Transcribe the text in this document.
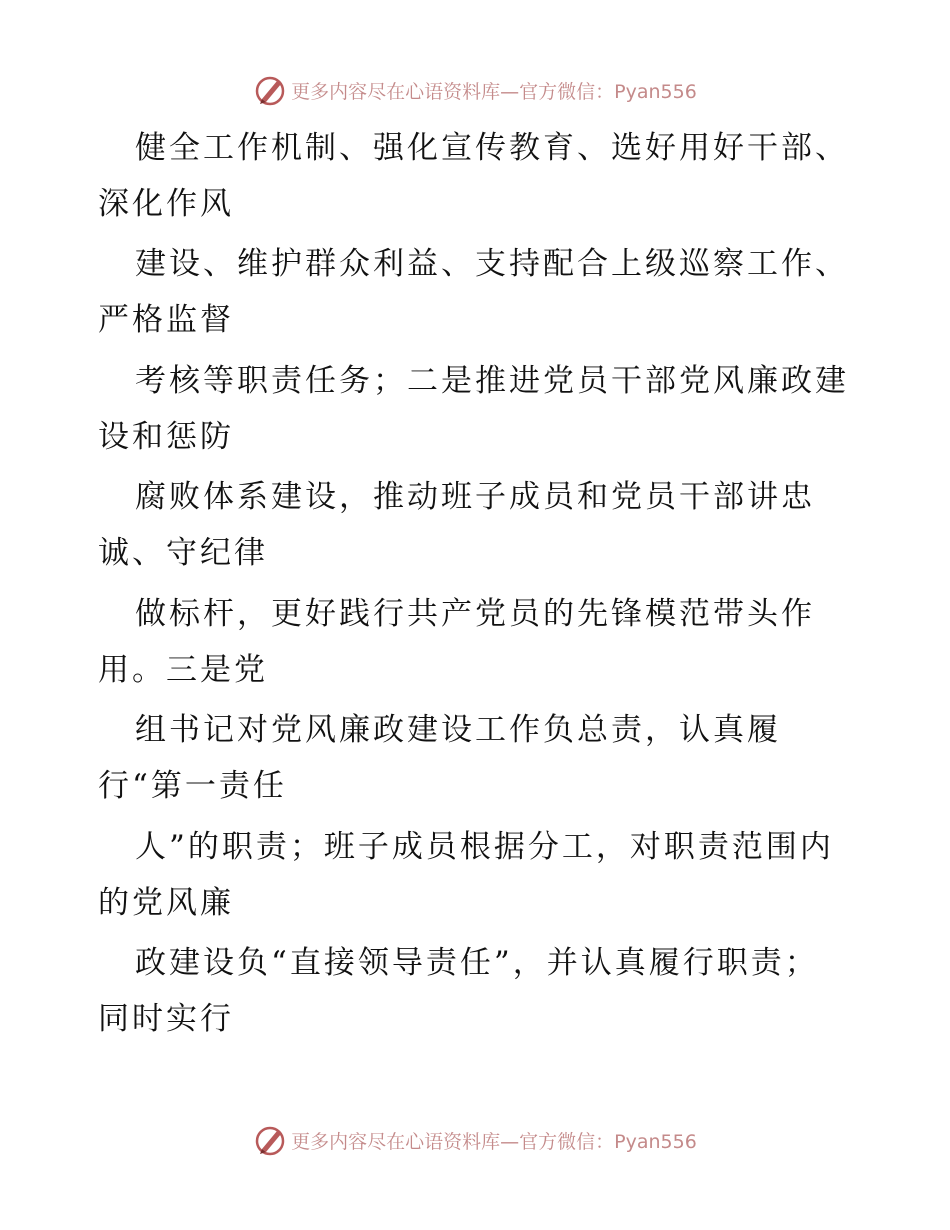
更多内容尽在心语资料库—官方微信：Pyan556
健全工作机制、强化宣传教育、选好用好干部、
深化作风
建设、维护群众利益、支持配合上级巡察工作、
严格监督
考核等职责任务；二是推进党员干部党风廉政建
设和惩防
腐败体系建设，推动班子成员和党员干部讲忠
诚、守纪律
做标杆，更好践行共产党员的先锋模范带头作
用。三是党
组书记对党风廉政建设工作负总责，认真履
行“第一责任
人”的职责；班子成员根据分工，对职责范围内
的党风廉
政建设负“直接领导责任”，并认真履行职责；
同时实行
更多内容尽在心语资料库—官方微信：Pyan556
